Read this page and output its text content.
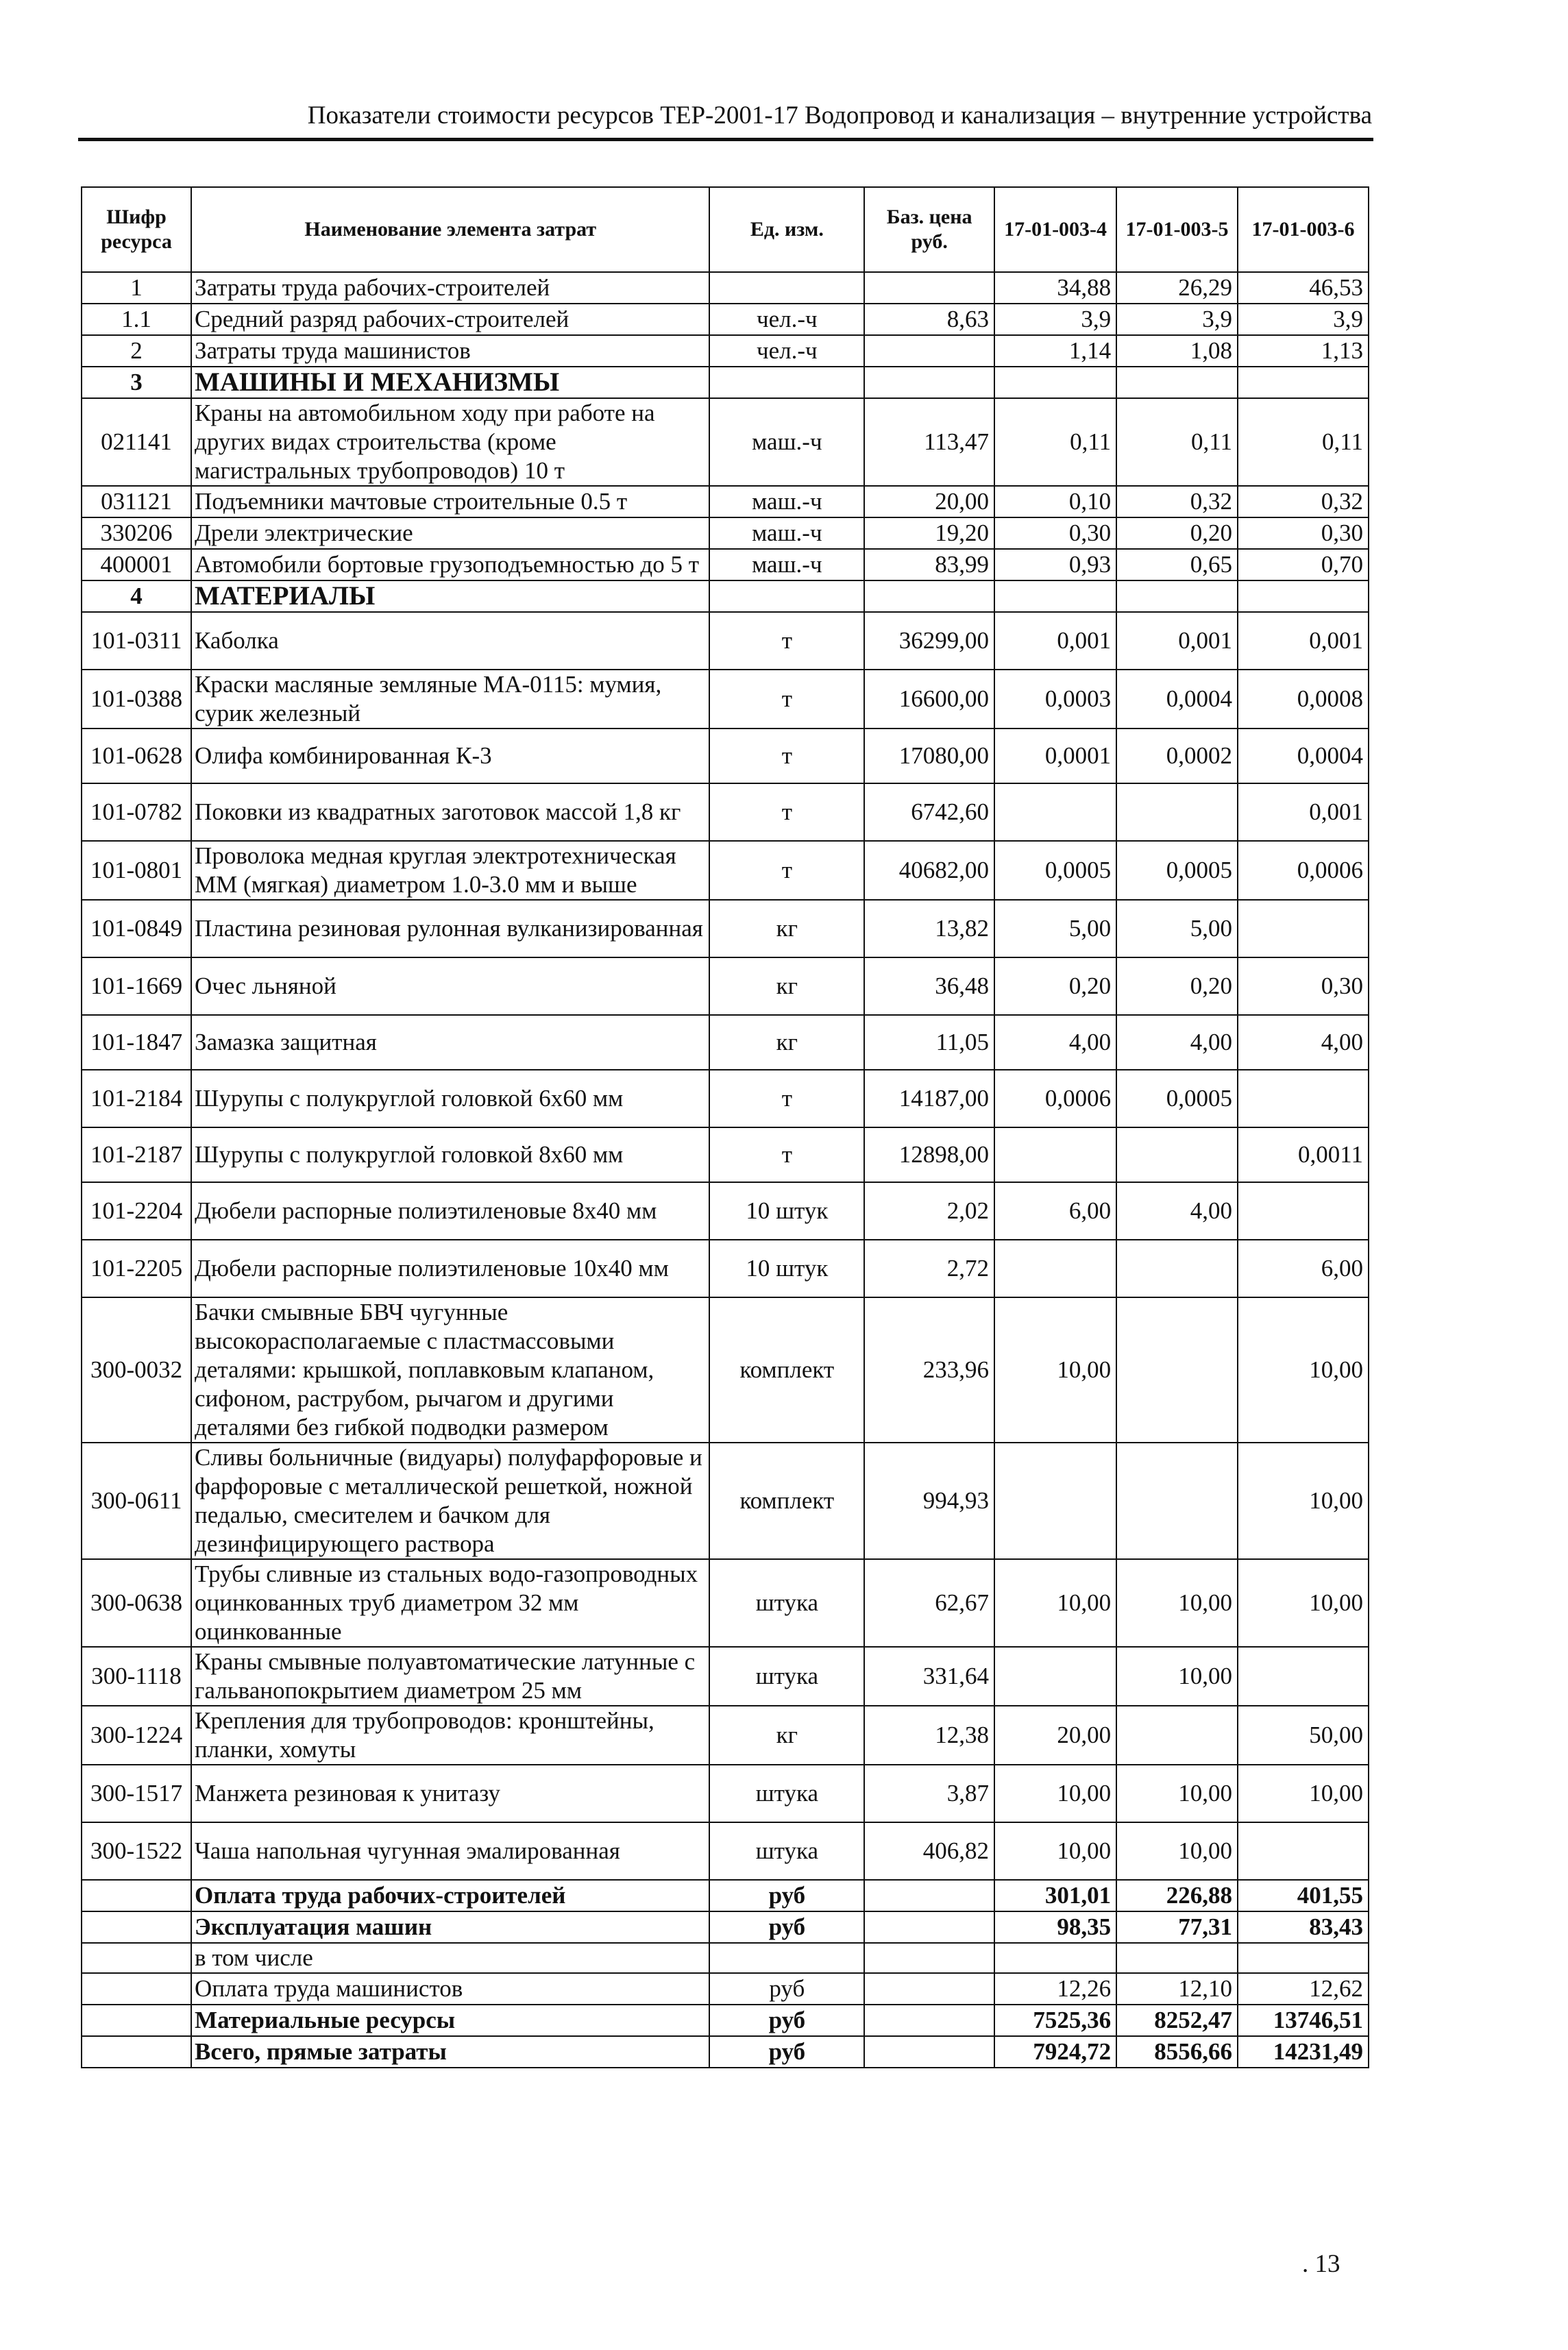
Показатели стоимости ресурсов ТЕР-2001-17 Водопровод и канализация – внутренние устройства
Шифр ресурса	Наименование элемента затрат	Ед. изм.	Баз. цена руб.	17-01-003-4	17-01-003-5	17-01-003-6
1	Затраты труда рабочих-строителей			34,88	26,29	46,53
1.1	Средний разряд рабочих-строителей	чел.-ч	8,63	3,9	3,9	3,9
2	Затраты труда машинистов	чел.-ч		1,14	1,08	1,13
3	МАШИНЫ И МЕХАНИЗМЫ					
021141	Краны на автомобильном ходу при работе на других видах строительства (кроме магистральных трубопроводов) 10 т	маш.-ч	113,47	0,11	0,11	0,11
031121	Подъемники мачтовые строительные 0.5 т	маш.-ч	20,00	0,10	0,32	0,32
330206	Дрели электрические	маш.-ч	19,20	0,30	0,20	0,30
400001	Автомобили бортовые грузоподъемностью до 5 т	маш.-ч	83,99	0,93	0,65	0,70
4	МАТЕРИАЛЫ					
101-0311	Каболка	т	36299,00	0,001	0,001	0,001
101-0388	Краски масляные земляные МА-0115: мумия, сурик железный	т	16600,00	0,0003	0,0004	0,0008
101-0628	Олифа комбинированная К-3	т	17080,00	0,0001	0,0002	0,0004
101-0782	Поковки из квадратных заготовок массой 1,8 кг	т	6742,60			0,001
101-0801	Проволока медная круглая электротехническая ММ (мягкая) диаметром 1.0-3.0 мм и выше	т	40682,00	0,0005	0,0005	0,0006
101-0849	Пластина резиновая рулонная вулканизированная	кг	13,82	5,00	5,00	
101-1669	Очес льняной	кг	36,48	0,20	0,20	0,30
101-1847	Замазка защитная	кг	11,05	4,00	4,00	4,00
101-2184	Шурупы с полукруглой головкой 6х60 мм	т	14187,00	0,0006	0,0005	
101-2187	Шурупы с полукруглой головкой 8х60 мм	т	12898,00			0,0011
101-2204	Дюбели распорные полиэтиленовые 8х40 мм	10 штук	2,02	6,00	4,00	
101-2205	Дюбели распорные полиэтиленовые 10х40 мм	10 штук	2,72			6,00
300-0032	Бачки смывные БВЧ чугунные высокорасполагаемые с пластмассовыми деталями: крышкой, поплавковым клапаном, сифоном, раструбом, рычагом и другими деталями без гибкой подводки размером	комплект	233,96	10,00		10,00
300-0611	Сливы больничные (видуары) полуфарфоровые и фарфоровые с металлической решеткой, ножной педалью, смесителем и бачком для дезинфицирующего раствора	комплект	994,93			10,00
300-0638	Трубы сливные из стальных водо-газопроводных оцинкованных труб диаметром 32 мм оцинкованные	штука	62,67	10,00	10,00	10,00
300-1118	Краны смывные полуавтоматические латунные с гальванопокрытием диаметром 25 мм	штука	331,64		10,00	
300-1224	Крепления для трубопроводов: кронштейны, планки, хомуты	кг	12,38	20,00		50,00
300-1517	Манжета резиновая к унитазу	штука	3,87	10,00	10,00	10,00
300-1522	Чаша напольная чугунная эмалированная	штука	406,82	10,00	10,00	
	Оплата труда рабочих-строителей	руб		301,01	226,88	401,55
	Эксплуатация машин	руб		98,35	77,31	83,43
	в том числе					
	Оплата труда машинистов	руб		12,26	12,10	12,62
	Материальные ресурсы	руб		7525,36	8252,47	13746,51
	Всего, прямые затраты	руб		7924,72	8556,66	14231,49
. 13
